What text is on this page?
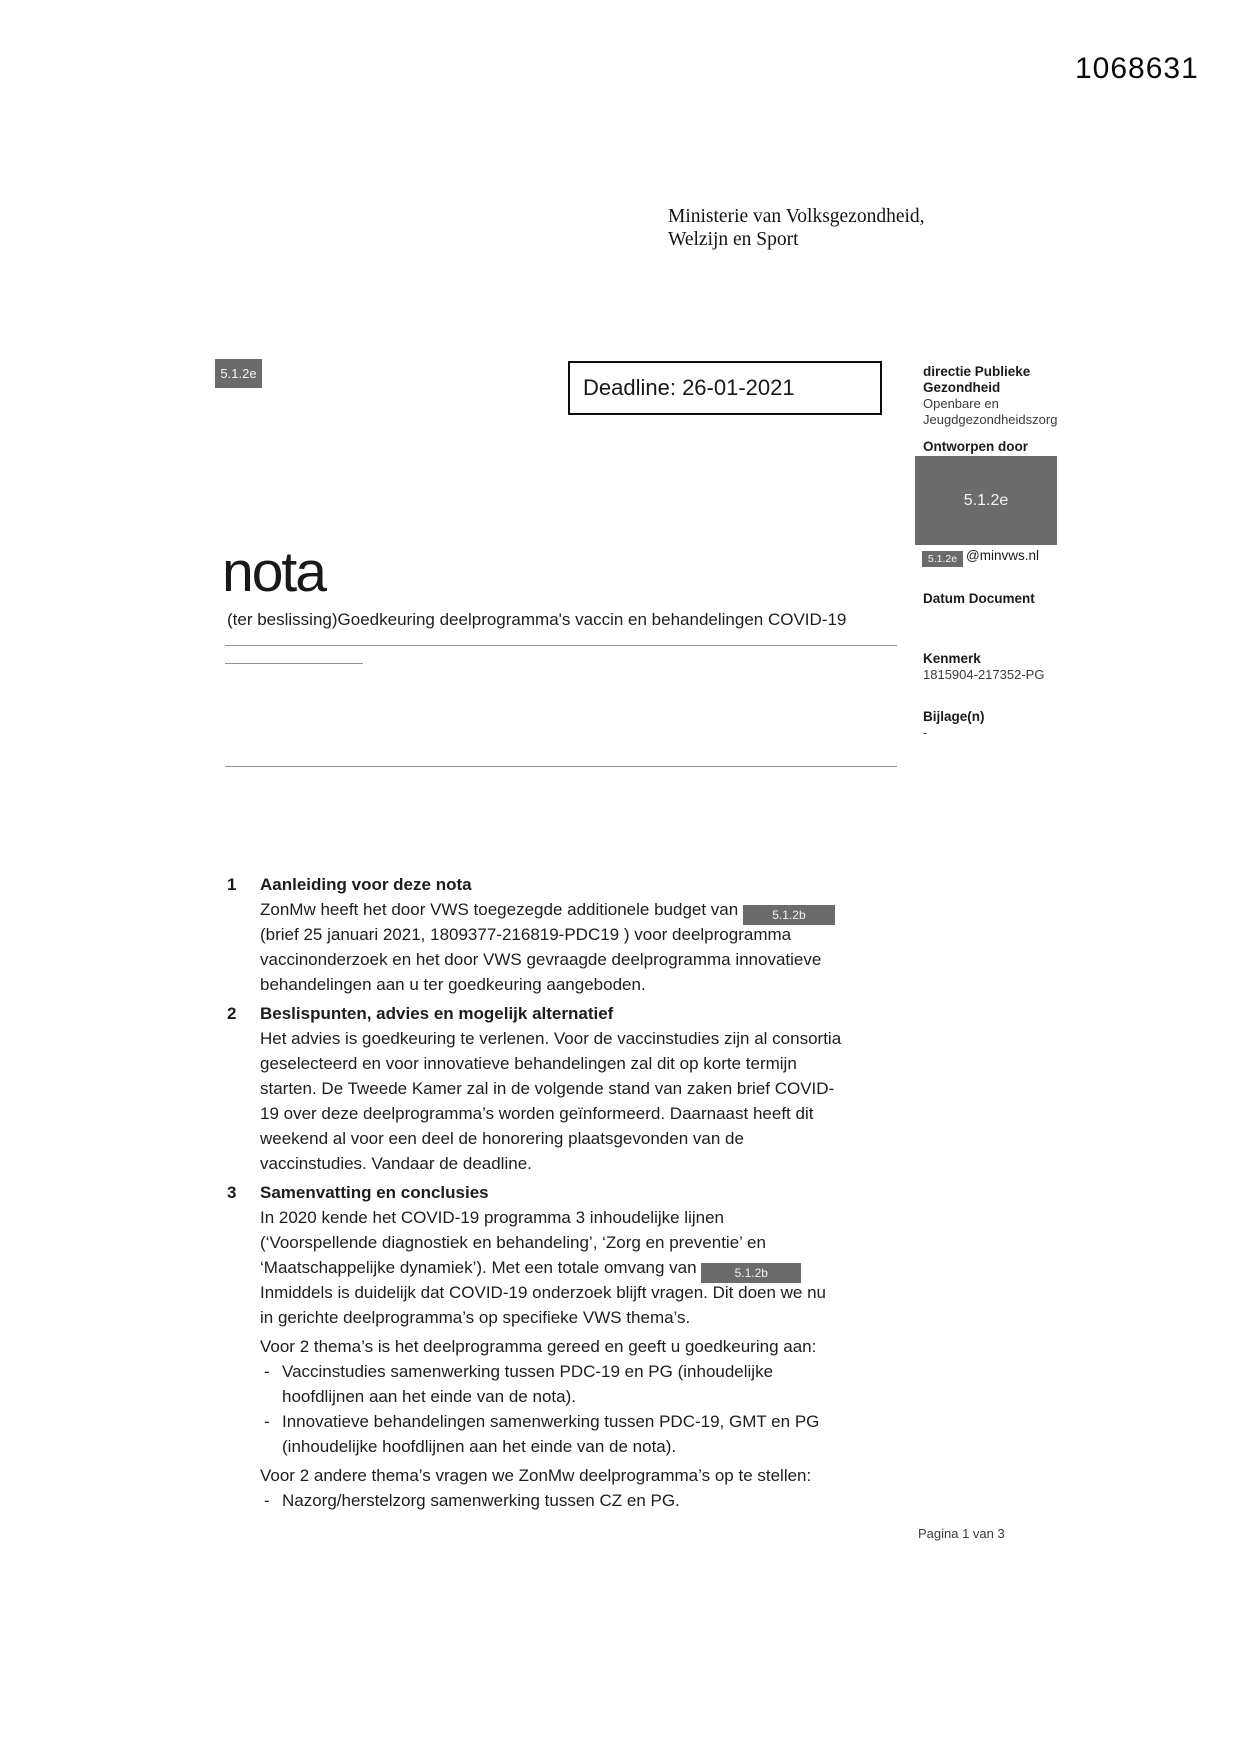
1068631
Ministerie van Volksgezondheid,
Welzijn en Sport
5.1.2e
Deadline: 26-01-2021
directie Publieke Gezondheid
Openbare en Jeugdgezondheidszorg
Ontworpen door
5.1.2e
5.1.2e @minvws.nl
Datum Document
Kenmerk
1815904-217352-PG
Bijlage(n)
-
nota
(ter beslissing)Goedkeuring deelprogramma's vaccin en behandelingen COVID-19
1 Aanleiding voor deze nota
ZonMw heeft het door VWS toegezegde additionele budget van 5.1.2b
(brief 25 januari 2021, 1809377-216819-PDC19 ) voor deelprogramma
vaccinonderzoek en het door VWS gevraagde deelprogramma innovatieve
behandelingen aan u ter goedkeuring aangeboden.
2 Beslispunten, advies en mogelijk alternatief
Het advies is goedkeuring te verlenen. Voor de vaccinstudies zijn al consortia
geselecteerd en voor innovatieve behandelingen zal dit op korte termijn
starten. De Tweede Kamer zal in de volgende stand van zaken brief COVID-
19 over deze deelprogramma’s worden geïnformeerd. Daarnaast heeft dit
weekend al voor een deel de honorering plaatsgevonden van de
vaccinstudies. Vandaar de deadline.
3 Samenvatting en conclusies
In 2020 kende het COVID-19 programma 3 inhoudelijke lijnen
(‘Voorspellende diagnostiek en behandeling’, ‘Zorg en preventie’ en
‘Maatschappelijke dynamiek’). Met een totale omvang van	5.1.2b
Inmiddels is duidelijk dat COVID-19 onderzoek blijft vragen. Dit doen we nu
in gerichte deelprogramma’s op specifieke VWS thema’s.
Voor 2 thema’s is het deelprogramma gereed en geeft u goedkeuring aan:
- Vaccinstudies samenwerking tussen PDC-19 en PG (inhoudelijke
hoofdlijnen aan het einde van de nota).
- Innovatieve behandelingen samenwerking tussen PDC-19, GMT en PG
(inhoudelijke hoofdlijnen aan het einde van de nota).
Voor 2 andere thema’s vragen we ZonMw deelprogramma’s op te stellen:
- Nazorg/herstelzorg samenwerking tussen CZ en PG.
Pagina 1 van 3
